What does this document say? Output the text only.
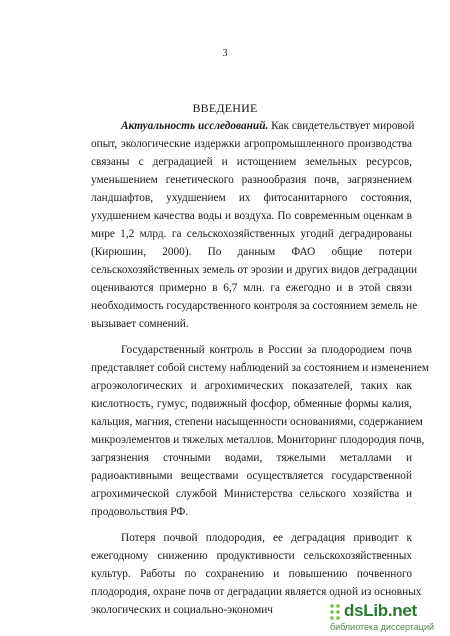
3
ВВЕДЕНИЕ
Актуальность исследований. Как свидетельствует мировой
опыт, экологические издержки агропромышленного производства
связаны с деградацией и истощением земельных ресурсов,
уменьшением генетического разнообразия почв, загрязнением
ландшафтов, ухудшением их фитосанитарного состояния,
ухудшением качества воды и воздуха. По современным оценкам в
мире 1,2 млрд. га сельскохозяйственных угодий деградированы
(Кирюшин, 2000). По данным ФАО общие потери
сельскохозяйственных земель от эрозии и других видов деградации
оцениваются примерно в 6,7 млн. га ежегодно и в этой связи
необходимость государственного контроля за состоянием земель не
вызывает сомнений.
Государственный контроль в России за плодородием почв
представляет собой систему наблюдений за состоянием и изменением
агроэкологических и агрохимических показателей, таких как
кислотность, гумус, подвижный фосфор, обменные формы калия,
кальция, магния, степени насыщенности основаниями, содержанием
микроэлементов и тяжелых металлов. Мониторинг плодородия почв,
загрязнения сточными водами, тяжелыми металлами и
радиоактивными веществами осуществляется государственной
агрохимической службой Министерства сельского хозяйства и
продовольствия РФ.
Потеря почвой плодородия, ее деградация приводит к
ежегодному снижению продуктивности сельскохозяйственных
культур. Работы по сохранению и повышению почвенного
плодородия, охране почв от деградации является одной из основных
экологических и социально-экономич	dsLib.net
библиотека диссертаций
